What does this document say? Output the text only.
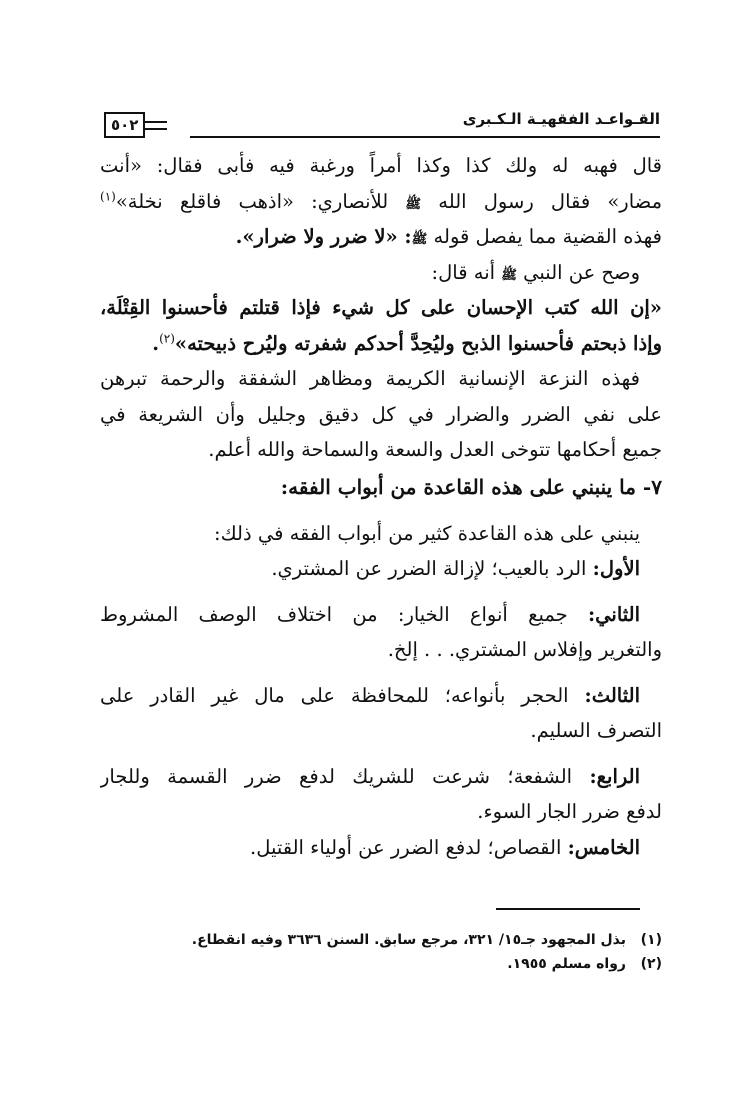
القـواعـد الفقهيـة الـكـبرى
٥٠٢
قال فهبه له ولك كذا وكذا أمراً ورغبة فيه فأبى فقال: «أنت
مضار» فقال رسول الله ﷺ للأنصاري: «اذهب فاقلع نخلة»$^{(١)}$
فهذه القضية مما يفصل قوله ﷺ: «لا ضرر ولا ضرار».
وصح عن النبي ﷺ أنه قال:
«إن الله كتب الإحسان على كل شيء فإذا قتلتم فأحسنوا القِتْلَة،
وإذا ذبحتم فأحسنوا الذبح وليُحِدَّ أحدكم شفرته وليُرح ذبيحته»$^{(٢)}$.
فهذه النزعة الإنسانية الكريمة ومظاهر الشفقة والرحمة تبرهن
على نفي الضرر والضرار في كل دقيق وجليل وأن الشريعة في
جميع أحكامها تتوخى العدل والسعة والسماحة والله أعلم.
٧- ما ينبني على هذه القاعدة من أبواب الفقه:
ينبني على هذه القاعدة كثير من أبواب الفقه في ذلك:
الأول: الرد بالعيب؛ لإزالة الضرر عن المشتري.
الثاني: جميع أنواع الخيار: من اختلاف الوصف المشروط
والتغرير وإفلاس المشتري. . . إلخ.
الثالث: الحجر بأنواعه؛ للمحافظة على مال غير القادر على
التصرف السليم.
الرابع: الشفعة؛ شرعت للشريك لدفع ضرر القسمة وللجار
لدفع ضرر الجار السوء.
الخامس: القصاص؛ لدفع الضرر عن أولياء القتيل.
(١)
بذل المجهود جـ١٥/ ٣٢١، مرجع سابق. السنن ٣٦٣٦ وفيه انقطاع.
(٢)
رواه مسلم ١٩٥٥.
